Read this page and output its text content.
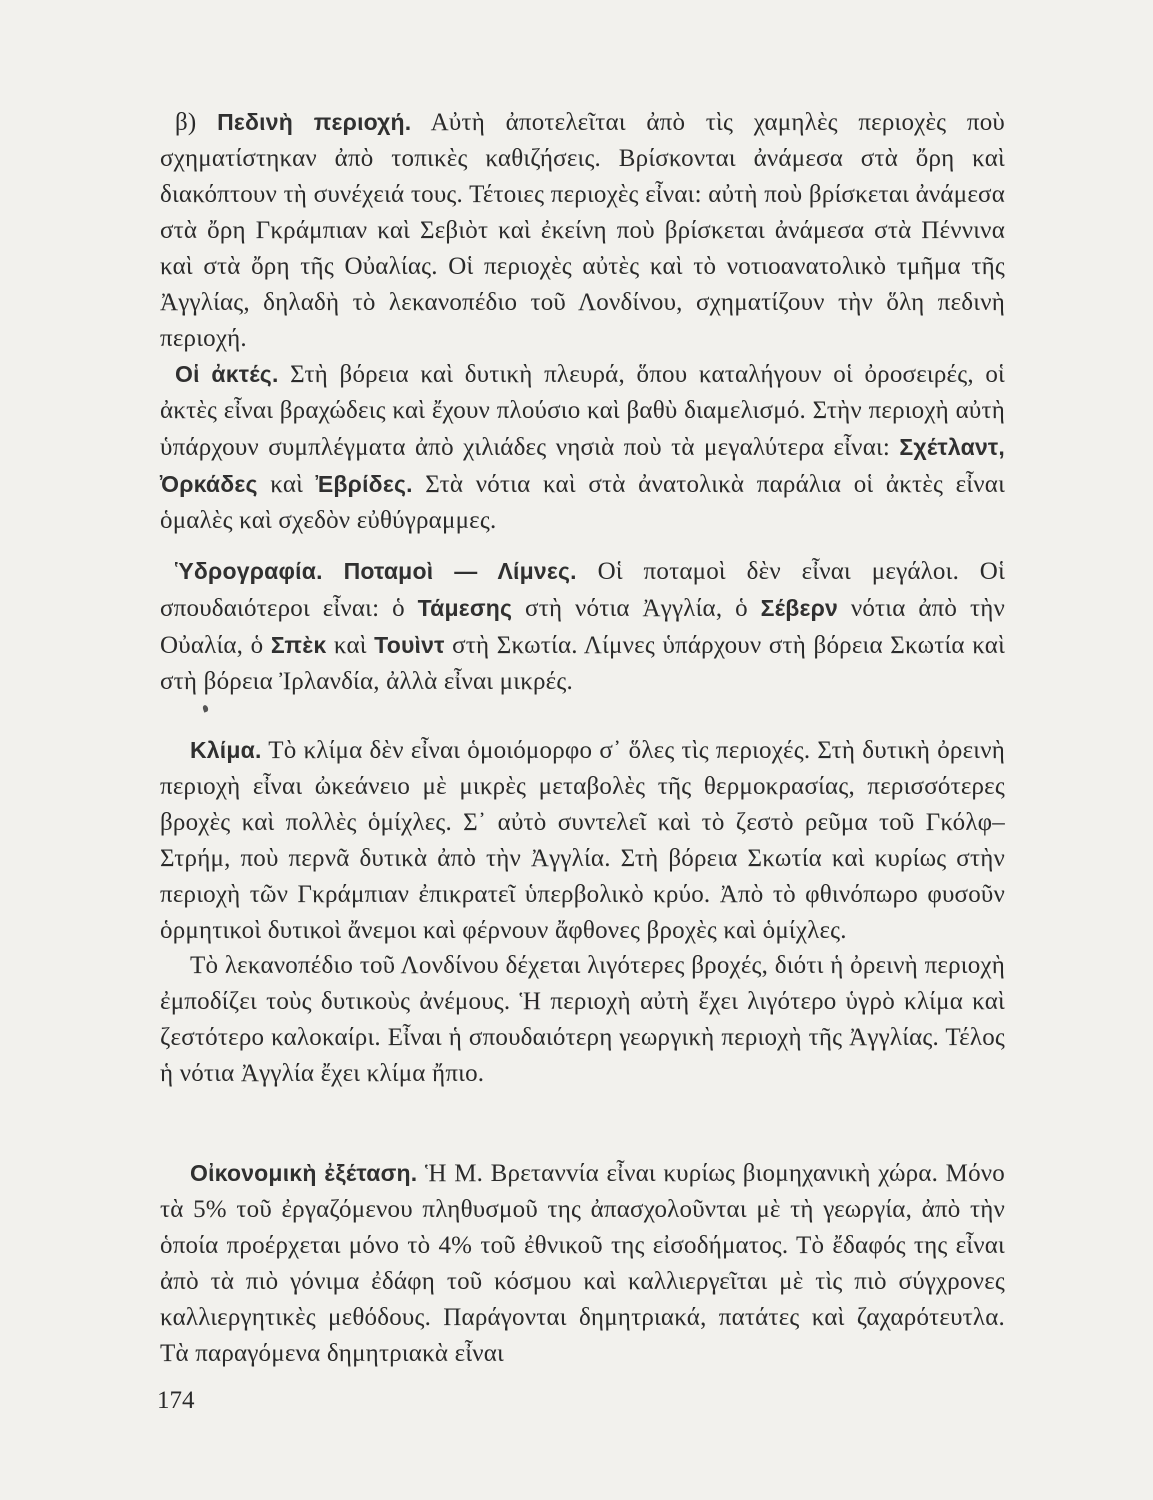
β) Πεδινὴ περιοχή. Αὐτὴ ἀποτελεῖται ἀπὸ τὶς χαμηλὲς περιοχὲς ποὺ σχηματίστηκαν ἀπὸ τοπικὲς καθιζήσεις. Βρίσκονται ἀνάμεσα στὰ ὄρη καὶ διακόπτουν τὴ συνέχειά τους. Τέτοιες περιοχὲς εἶναι: αὐτὴ ποὺ βρίσκεται ἀνάμεσα στὰ ὄρη Γκράμπιαν καὶ Σεβιὸτ καὶ ἐκείνη ποὺ βρίσκεται ἀνάμεσα στὰ Πέννινα καὶ στὰ ὄρη τῆς Οὐαλίας. Οἱ περιοχὲς αὐτὲς καὶ τὸ νοτιοανατολικὸ τμῆμα τῆς Ἀγγλίας, δηλαδὴ τὸ λεκανοπέδιο τοῦ Λονδίνου, σχηματίζουν τὴν ὅλη πεδινὴ περιοχή.

Οἱ ἀκτές. Στὴ βόρεια καὶ δυτικὴ πλευρά, ὅπου καταλήγουν οἱ ὀροσειρές, οἱ ἀκτὲς εἶναι βραχώδεις καὶ ἔχουν πλούσιο καὶ βαθὺ διαμελισμό. Στὴν περιοχὴ αὐτὴ ὑπάρχουν συμπλέγματα ἀπὸ χιλιάδες νησιὰ ποὺ τὰ μεγαλύτερα εἶναι: Σχέτλαντ, Ὀρκάδες καὶ Ἐβρίδες. Στὰ νότια καὶ στὰ ἀνατολικὰ παράλια οἱ ἀκτὲς εἶναι ὁμαλὲς καὶ σχεδὸν εὐθύγραμμες.

Ὑδρογραφία. Ποταμοὶ — Λίμνες. Οἱ ποταμοὶ δὲν εἶναι μεγάλοι. Οἱ σπουδαιότεροι εἶναι: ὁ Τάμεσης στὴ νότια Ἀγγλία, ὁ Σέβερν νότια ἀπὸ τὴν Οὐαλία, ὁ Σπὲκ καὶ Τουὶντ στὴ Σκωτία. Λίμνες ὑπάρχουν στὴ βόρεια Σκωτία καὶ στὴ βόρεια Ἰρλανδία, ἀλλὰ εἶναι μικρές.

Κλίμα. Τὸ κλίμα δὲν εἶναι ὁμοιόμορφο σ᾿ ὅλες τὶς περιοχές. Στὴ δυτικὴ ὀρεινὴ περιοχὴ εἶναι ὠκεάνειο μὲ μικρὲς μεταβολὲς τῆς θερμοκρασίας, περισσότερες βροχὲς καὶ πολλὲς ὁμίχλες. Σ᾿ αὐτὸ συντελεῖ καὶ τὸ ζεστὸ ρεῦμα τοῦ Γκόλφ–Στρήμ, ποὺ περνᾶ δυτικὰ ἀπὸ τὴν Ἀγγλία. Στὴ βόρεια Σκωτία καὶ κυρίως στὴν περιοχὴ τῶν Γκράμπιαν ἐπικρατεῖ ὑπερβολικὸ κρύο. Ἀπὸ τὸ φθινόπωρο φυσοῦν ὁρμητικοὶ δυτικοὶ ἄνεμοι καὶ φέρνουν ἄφθονες βροχὲς καὶ ὁμίχλες.

Τὸ λεκανοπέδιο τοῦ Λονδίνου δέχεται λιγότερες βροχές, διότι ἡ ὀρεινὴ περιοχὴ ἐμποδίζει τοὺς δυτικοὺς ἀνέμους. Ἡ περιοχὴ αὐτὴ ἔχει λιγότερο ὑγρὸ κλίμα καὶ ζεστότερο καλοκαίρι. Εἶναι ἡ σπουδαιότερη γεωργικὴ περιοχὴ τῆς Ἀγγλίας. Τέλος ἡ νότια Ἀγγλία ἔχει κλίμα ἤπιο.

Οἰκονομικὴ ἐξέταση. Ἡ Μ. Βρετανvία εἶναι κυρίως βιομηχανικὴ χώρα. Μόνο τὰ 5% τοῦ ἐργαζόμενου πληθυσμοῦ της ἀπασχολοῦνται μὲ τὴ γεωργία, ἀπὸ τὴν ὁποία προέρχεται μόνο τὸ 4% τοῦ ἐθνικοῦ της εἰσοδήματος. Τὸ ἔδαφός της εἶναι ἀπὸ τὰ πιὸ γόνιμα ἐδάφη τοῦ κόσμου καὶ καλλιεργεῖται μὲ τὶς πιὸ σύγχρονες καλλιεργητικὲς μεθόδους. Παράγονται δημητριακά, πατάτες καὶ ζαχαρότευτλα. Τὰ παραγόμενα δημητριακὰ εἶναι

174
